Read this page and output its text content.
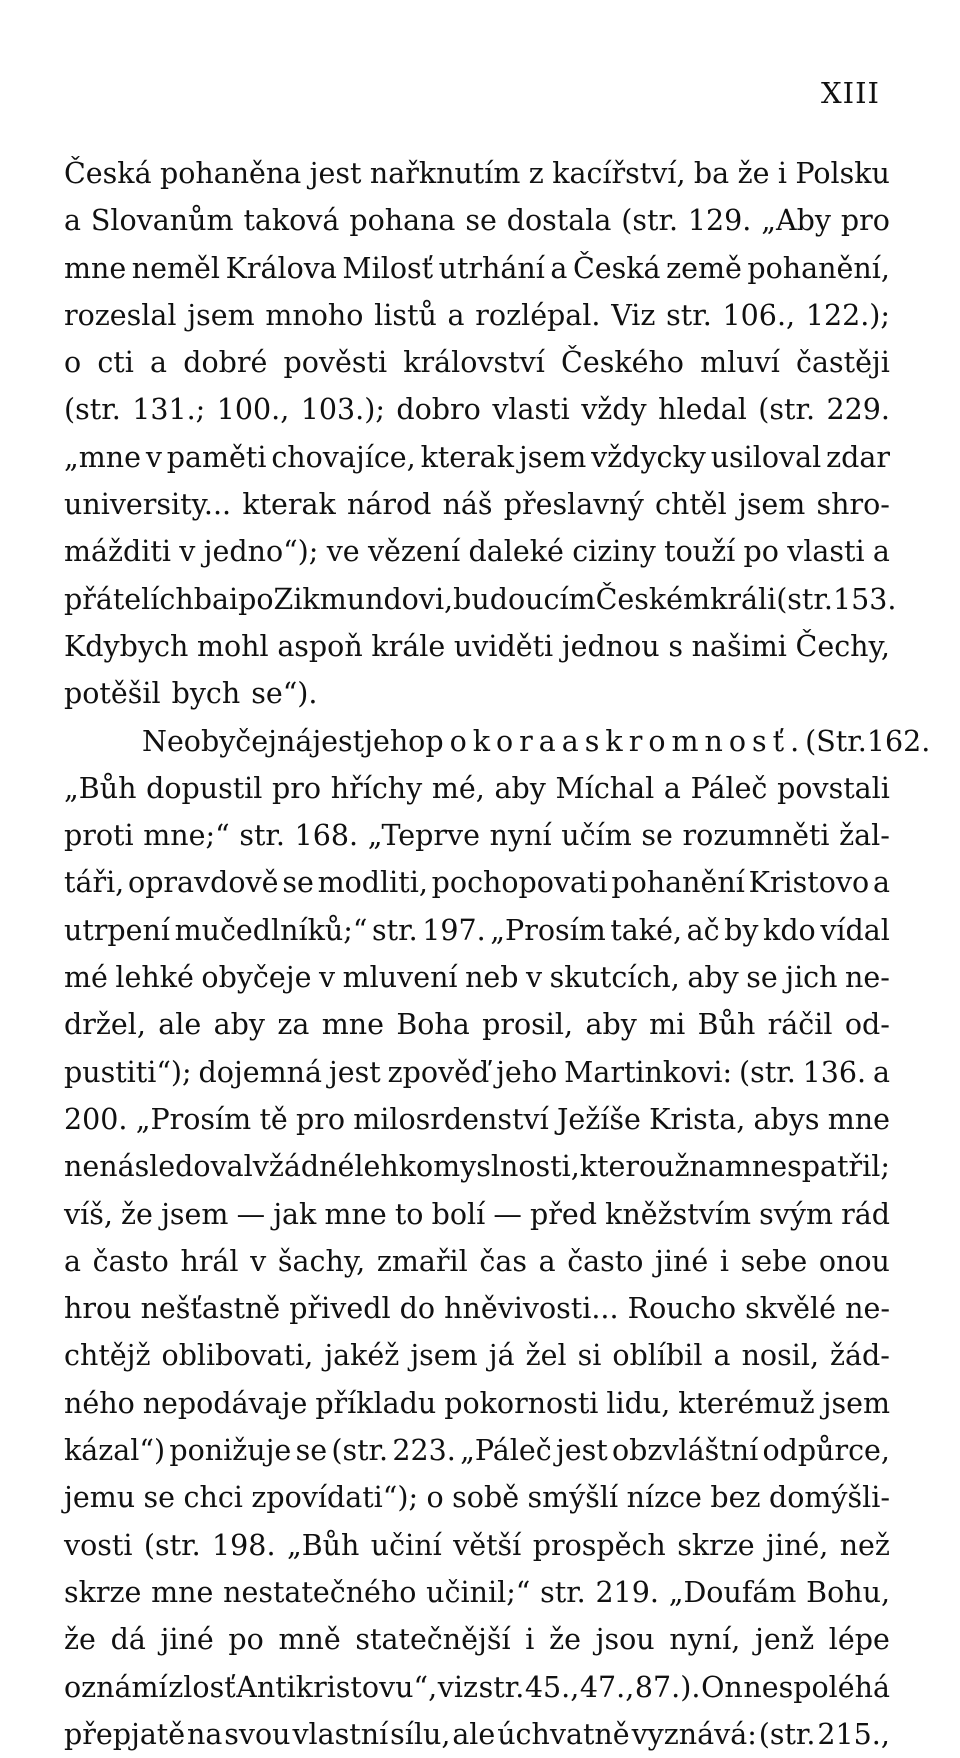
XIII
Česká pohaněna jest nařknutím z kacířství, ba že i Polsku
a Slovanům taková pohana se dostala (str. 129. „Aby pro
mne neměl Králova Milosť utrhání a Česká země pohanění,
rozeslal jsem mnoho listů a rozlépal. Viz str. 106., 122.);
o cti a dobré pověsti království Českého mluví častěji
(str. 131.; 100., 103.); dobro vlasti vždy hledal (str. 229.
„mne v paměti chovajíce, kterak jsem vždycky usiloval zdar
university... kterak národ náš přeslavný chtěl jsem shro-
mážditi v jedno“); ve vězení daleké ciziny touží po vlasti a
přátelích ba i po Zikmundovi, budoucím Českém králi (str. 153.
Kdybych mohl aspoň krále uviděti jednou s našimi Čechy,
potěšil bych se“).
Neobyčejná jest jeho pokora a skromnosť. (Str. 162.
„Bůh dopustil pro hříchy mé, aby Míchal a Páleč povstali
proti mne;“ str. 168. „Teprve nyní učím se rozumněti žal-
táři, opravdově se modliti, pochopovati pohanění Kristovo a
utrpení mučedlníků;“ str. 197. „Prosím také, ač by kdo vídal
mé lehké obyčeje v mluvení neb v skutcích, aby se jich ne-
držel, ale aby za mne Boha prosil, aby mi Bůh ráčil od-
pustiti“); dojemná jest zpověď jeho Martinkovi: (str. 136. a
200. „Prosím tě pro milosrdenství Ježíše Krista, abys mne
nenásledoval v žádné lehkomyslnosti, kterouž na mne spatřil;
víš, že jsem — jak mne to bolí — před kněžstvím svým rád
a často hrál v šachy, zmařil čas a často jiné i sebe onou
hrou nešťastně přivedl do hněvivosti... Roucho skvělé ne-
chtějž oblibovati, jakéž jsem já žel si oblíbil a nosil, žád-
ného nepodávaje příkladu pokornosti lidu, kterémuž jsem
kázal“) ponižuje se (str. 223. „Páleč jest obzvláštní odpůrce,
jemu se chci zpovídati“); o sobě smýšlí nízce bez domýšli-
vosti (str. 198. „Bůh učiní větší prospěch skrze jiné, než
skrze mne nestatečného učinil;“ str. 219. „Doufám Bohu,
že dá jiné po mně statečnější i že jsou nyní, jenž lépe
oznámí zlosť Antikristovu“, viz str. 45., 47., 87.). On nespoléhá
přepjatě na svou vlastní sílu, ale úchvatně vyznává: (str. 215.,
